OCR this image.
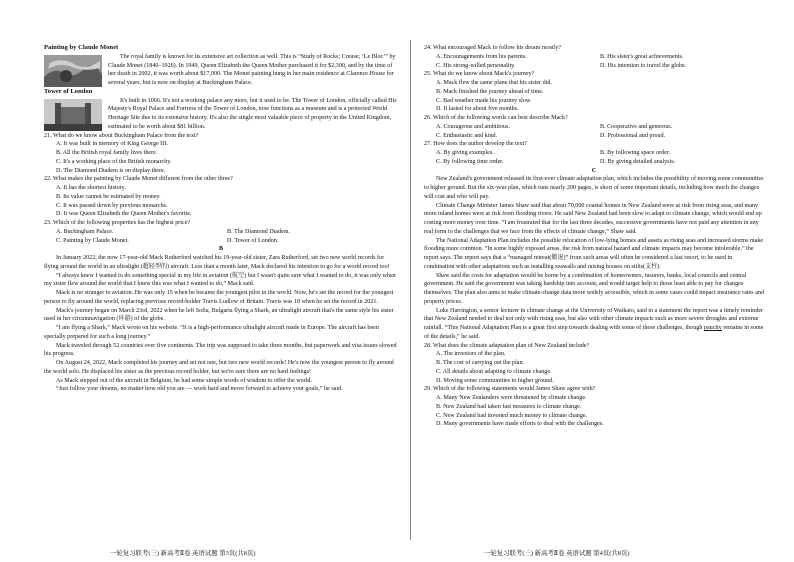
Painting by Claude Monet

The royal family is known for its extensive art collection as well. This is “Study of Rocks; Creuse; ‘Le Bloc’” by Claude Monet (1840–1926). In 1949, Queen Elizabeth the Queen Mother purchased it for $2,300, and by the time of her death in 2002, it was worth about $17,000. The Monet painting hung in her main residence at Clarence House for several years, but is now on display at Buckingham Palace.

Tower of London

It's built in 1066. It's not a working palace any more, but it used to be. The Tower of London, officially called His Majesty's Royal Palace and Fortress of the Tower of London, now functions as a museum and is a protected World Heritage Site due to its extensive history. It's also the single most valuable piece of property in the United Kingdom, estimated to be worth about $81 billion.

21. What do we know about Buckingham Palace from the text?

A. It was built in memory of King George III.

B. All the British royal family lives there.

C. It's a working place of the British monarchy.

D. The Diamond Diadem is on display there.

22. What makes the painting by Claude Monet different from the other three?

A. It has the shortest history.

B. Its value cannot be estimated by money.

C. It was passed down by previous monarchs.

D. It was Queen Elizabeth the Queen Mother's favorite.

23. Which of the following properties has the highest price?

A. Buckingham Palace.	B. The Diamond Diadem.
C. Painting by Claude Monet.	D. Tower of London.

B

In January 2022, the now 17-year-old Mack Rutherford watched his 19-year-old sister, Zara Rutherford, set two new world records for flying around the world in an ultralight (超轻型的) aircraft. Less than a month later, Mack declared his intention to go for a world record too!

“I always knew I wanted to do something special in my life in aviation (航空) but I wasn't quite sure what I wanted to do, it was only when my sister flew around the world that I knew this was what I wanted to do,” Mack said.

Mack is no stranger to aviation. He was only 15 when he became the youngest pilot in the world. Now, he's set the record for the youngest person to fly around the world, replacing previous record-holder Travis Ludlow of Britain. Travis was 18 when he set the record in 2021.

Mack's journey began on March 23rd, 2022 when he left Sofia, Bulgaria flying a Shark, an ultralight aircraft that's the same style his sister used in her circumnavigation (环游) of the globe.

“I am flying a Shark,” Mack wrote on his website. “It is a high-performance ultralight aircraft made in Europe. The aircraft has been specially prepared for such a long journey.”

Mack traveled through 52 countries over five continents. The trip was supposed to take three months, but paperwork and visa issues slowed his progress.

On August 24, 2022, Mack completed his journey and set not one, but two new world records! He's now the youngest person to fly around the world solo. He displaced his sister as the previous record holder, but we're sure there are no hard feelings!

As Mack stepped out of the aircraft in Belgium, he had some simple words of wisdom to offer the world.

“Just follow your dreams, no matter how old you are — work hard and move forward to achieve your goals,” he said.

24. What encouraged Mack to follow his dream mostly?

A. Encouragements from his parents.	B. His sister's great achievements.
C. His strong-willed personality.	D. His intention to travel the globe.

25. What do we know about Mack's journey?

A. Mack flew the same plane that his sister did.

B. Mack finished the journey ahead of time.

C. Bad weather made his journey slow.

D. It lasted for about five months.

26. Which of the following words can best describe Mack?

A. Courageous and ambitious.	B. Cooperative and generous.
C. Enthusiastic and kind.	D. Professional and proud.

27. How does the author develop the text?

A. By giving examples.	B. By following space order.
C. By following time order.	D. By giving detailed analysis.

C

New Zealand's government released its first-ever climate adaptation plan, which includes the possibility of moving some communities to higher ground. But the six-year plan, which runs nearly 200 pages, is short of some important details, including how much the changes will cost and who will pay.

Climate Change Minister James Shaw said that about 70,000 coastal homes in New Zealand were at risk from rising seas, and many more inland homes were at risk from flooding rivers. He said New Zealand had been slow to adapt to climate change, which would end up costing more money over time. “I am frustrated that for the last three decades, successive governments have not paid any attention in any real form to the challenges that we face from the effects of climate change,” Shaw said.

The National Adaptation Plan includes the possible relocation of low-lying homes and assets as rising seas and increased storms make flooding more common. “In some highly exposed areas, the risk from natural hazard and climate impacts may become intolerable,” the report says. The report says that a “managed retreat(撤退)” from such areas will often be considered a last resort, to be used in combination with other adaptations such as installing seawalls and raising houses on stilts(支柱).

Shaw said the costs for adaptation would be borne by a combination of homeowners, insurers, banks, local councils and central government. He said the government was taking hardship into account, and would target help to those least able to pay for changes themselves. The plan also aims to make climate-change data more widely accessible, which in some cases could impact insurance rates and property prices.

Luke Harrington, a senior lecturer in climate change at the University of Waikato, said in a statement the report was a timely reminder that New Zealand needed to deal not only with rising seas, but also with other climate impacts such as more severe droughts and extreme rainfall. “This National Adaptation Plan is a great first step towards dealing with some of these challenges, though paucity remains in some of the details,” he said.

28. What does the climate adaptation plan of New Zealand include?

A. The investors of the plan.

B. The cost of carrying out the plan.

C. All details about adapting to climate change.

D. Moving some communities to higher ground.

29. Which of the following statements would James Shaw agree with?

A. Many New Zealanders were threatened by climate change.

B. New Zealand had taken fast measures to climate change.

C. New Zealand had invested much money to climate change.

D. Many governments have made efforts to deal with the challenges.

一轮复习联考(三) 新高考Ⅱ卷 英语试题 第3页(共8页)	一轮复习联考(三) 新高考Ⅱ卷 英语试题 第4页(共8页)
